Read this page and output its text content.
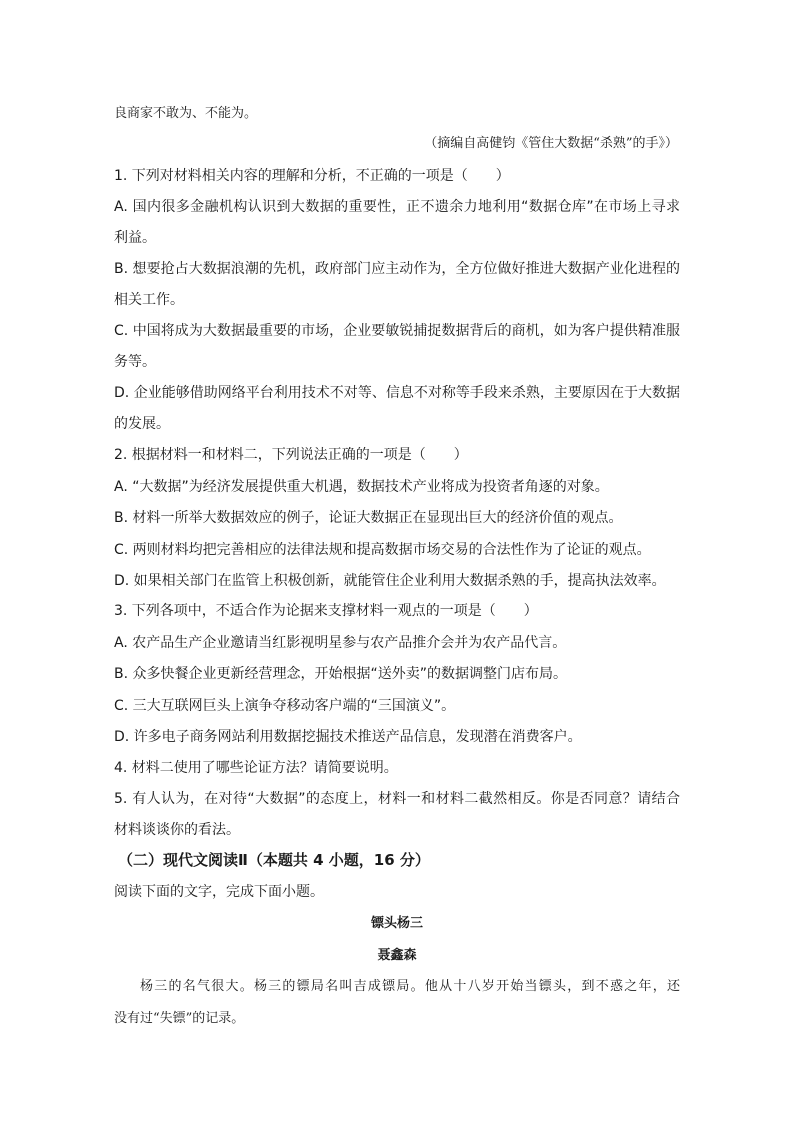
良商家不敢为、不能为。
（摘编自高健钧《管住大数据“杀熟”的手》）
1. 下列对材料相关内容的理解和分析，不正确的一项是（　　）
A. 国内很多金融机构认识到大数据的重要性，正不遗余力地利用“数据仓库”在市场上寻求
利益。
B. 想要抢占大数据浪潮的先机，政府部门应主动作为，全方位做好推进大数据产业化进程的
相关工作。
C. 中国将成为大数据最重要的市场，企业要敏锐捕捉数据背后的商机，如为客户提供精准服
务等。
D. 企业能够借助网络平台利用技术不对等、信息不对称等手段来杀熟，主要原因在于大数据
的发展。
2. 根据材料一和材料二，下列说法正确的一项是（　　）
A. “大数据”为经济发展提供重大机遇，数据技术产业将成为投资者角逐的对象。
B. 材料一所举大数据效应的例子，论证大数据正在显现出巨大的经济价值的观点。
C. 两则材料均把完善相应的法律法规和提高数据市场交易的合法性作为了论证的观点。
D. 如果相关部门在监管上积极创新，就能管住企业利用大数据杀熟的手，提高执法效率。
3. 下列各项中，不适合作为论据来支撑材料一观点的一项是（　　）
A. 农产品生产企业邀请当红影视明星参与农产品推介会并为农产品代言。
B. 众多快餐企业更新经营理念，开始根据“送外卖”的数据调整门店布局。
C. 三大互联网巨头上演争夺移动客户端的“三国演义”。
D. 许多电子商务网站利用数据挖掘技术推送产品信息，发现潜在消费客户。
4. 材料二使用了哪些论证方法？请简要说明。
5. 有人认为，在对待“大数据”的态度上，材料一和材料二截然相反。你是否同意？请结合
材料谈谈你的看法。
（二）现代文阅读Ⅱ（本题共 4 小题，16 分）
阅读下面的文字，完成下面小题。
镖头杨三
聂鑫森
杨三的名气很大。杨三的镖局名叫吉成镖局。他从十八岁开始当镖头，到不惑之年，还
没有过“失镖”的记录。
